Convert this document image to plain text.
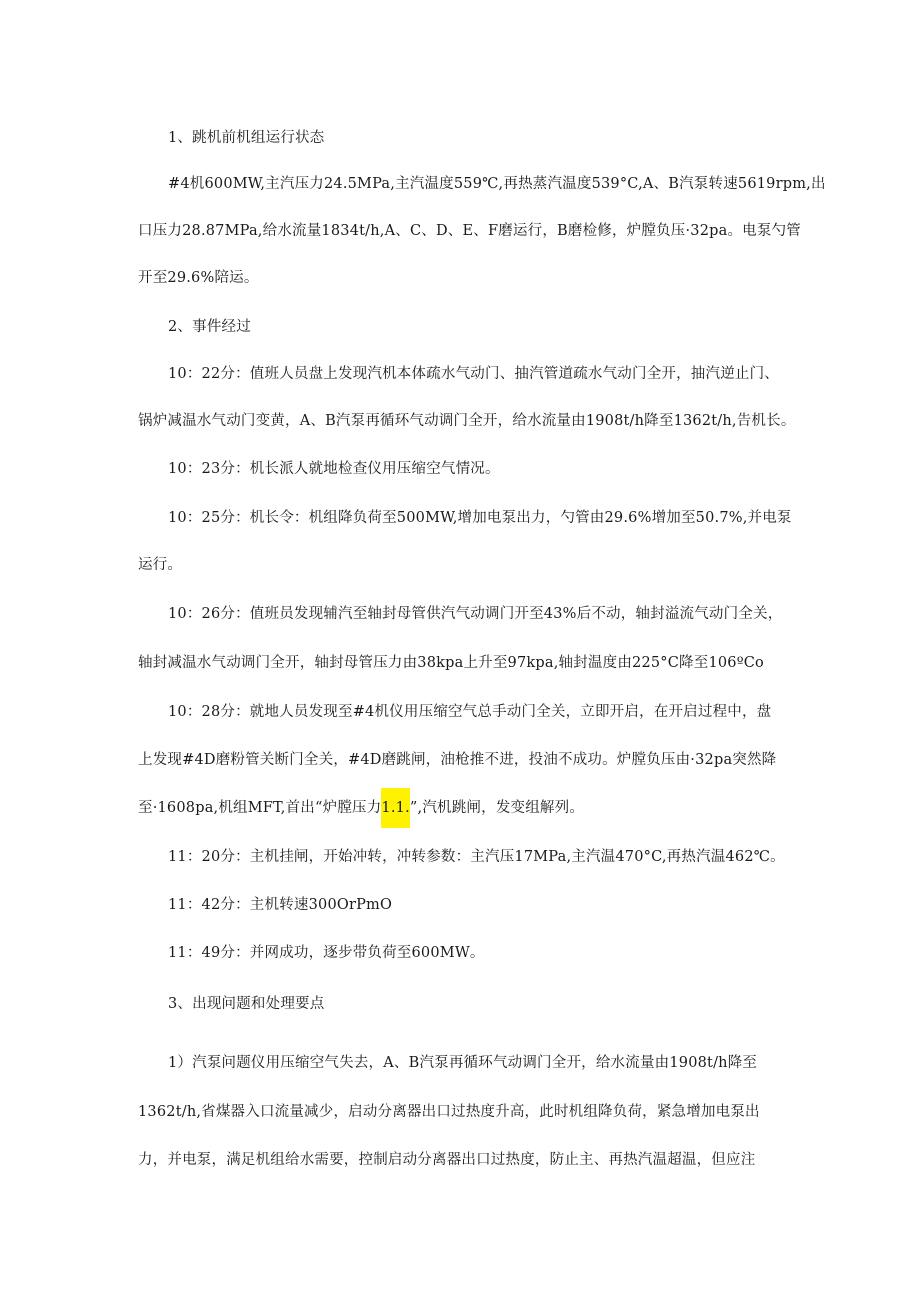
1、跳机前机组运行状态
#4机600MW,主汽压力24.5MPa,主汽温度559℃,再热蒸汽温度539°C,A、B汽泵转速5619rpm,出
口压力28.87MPa,给水流量1834t/h,A、C、D、E、F磨运行，B磨检修，炉膛负压·32pa。电泵勺管
开至29.6%陪运。
2、事件经过
10：22分：值班人员盘上发现汽机本体疏水气动门、抽汽管道疏水气动门全开，抽汽逆止门、
锅炉减温水气动门变黄，A、B汽泵再循环气动调门全开，给水流量由1908t/h降至1362t/h,告机长。
10：23分：机长派人就地检查仪用压缩空气情况。
10：25分：机长令：机组降负荷至500MW,增加电泵出力，勺管由29.6%增加至50.7%,并电泵
运行。
10：26分：值班员发现辅汽至轴封母管供汽气动调门开至43%后不动，轴封溢流气动门全关，
轴封减温水气动调门全开，轴封母管压力由38kpa上升至97kpa,轴封温度由225°C降至106ºCo
10：28分：就地人员发现至#4机仪用压缩空气总手动门全关，立即开启，在开启过程中，盘
上发现#4D磨粉管关断门全关，#4D磨跳闸，油枪推不进，投油不成功。炉膛负压由·32pa突然降
至·1608pa,机组MFT,首出“炉膛压力1.1.”,汽机跳闸，发变组解列。
11：20分：主机挂闸，开始冲转，冲转参数：主汽压17MPa,主汽温470°C,再热汽温462℃。
11：42分：主机转速300OrPmO
11：49分：并网成功，逐步带负荷至600MW。
3、出现问题和处理要点
1）汽泵问题仪用压缩空气失去，A、B汽泵再循环气动调门全开，给水流量由1908t/h降至
1362t/h,省煤器入口流量减少，启动分离器出口过热度升高，此时机组降负荷，紧急增加电泵出
力，并电泵，满足机组给水需要，控制启动分离器出口过热度，防止主、再热汽温超温，但应注
